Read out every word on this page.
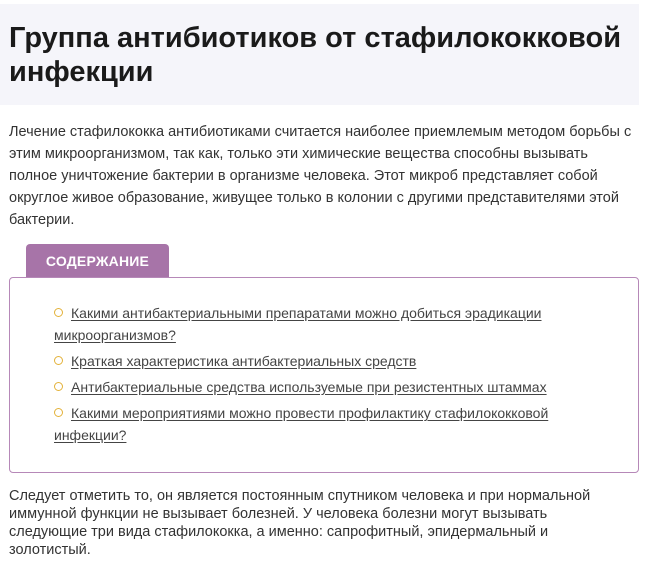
Группа антибиотиков от стафилококковой инфекции

Лечение стафилококка антибиотиками считается наиболее приемлемым методом борьбы с этим микроорганизмом, так как, только эти химические вещества способны вызывать полное уничтожение бактерии в организме человека. Этот микроб представляет собой округлое живое образование, живущее только в колонии с другими представителями этой бактерии.

СОДЕРЖАНИЕ
Какими антибактериальными препаратами можно добиться эрадикации микроорганизмов?
Краткая характеристика антибактериальных средств
Антибактериальные средства используемые при резистентных штаммах
Какими мероприятиями можно провести профилактику стафилококковой инфекции?

Следует отметить то, он является постоянным спутником человека и при нормальной иммунной функции не вызывает болезней. У человека болезни могут вызывать следующие три вида стафилококка, а именно: сапрофитный, эпидермальный и золотистый.
